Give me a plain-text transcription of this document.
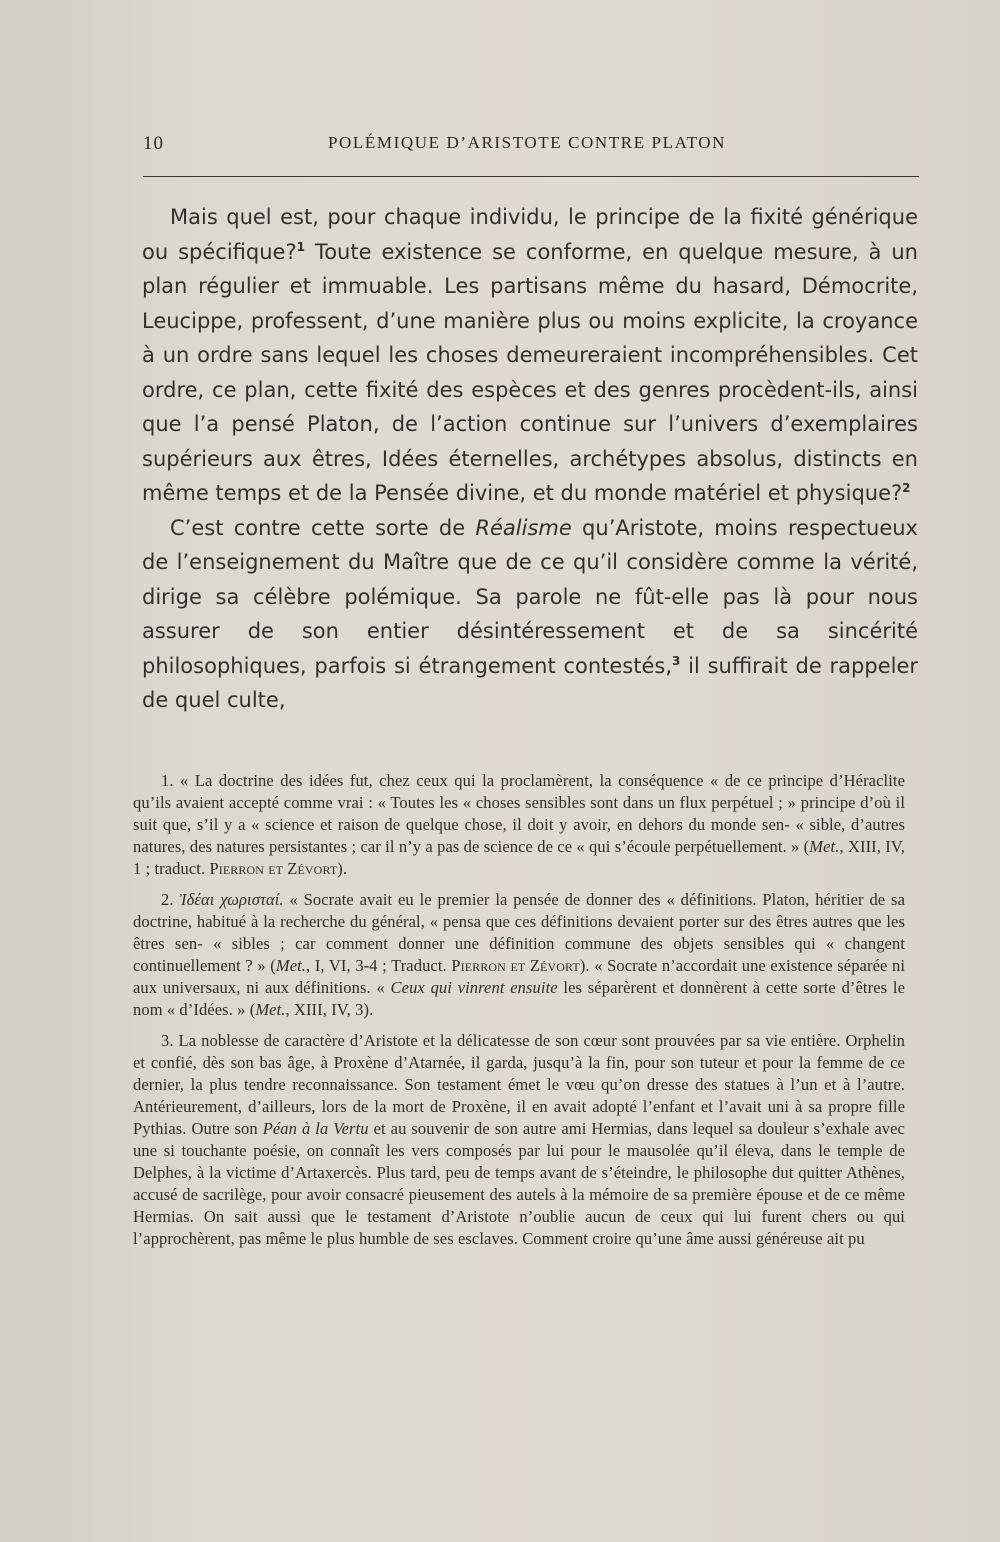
10	POLÉMIQUE D’ARISTOTE CONTRE PLATON

Mais quel est, pour chaque individu, le principe de la fixité générique ou spécifique?$^1$ Toute existence se conforme, en quelque mesure, à un plan régulier et immuable. Les partisans même du hasard, Démocrite, Leucippe, professent, d’une manière plus ou moins explicite, la croyance à un ordre sans lequel les choses demeureraient incompréhensibles. Cet ordre, ce plan, cette fixité des espèces et des genres procèdent-ils, ainsi que l’a pensé Platon, de l’action continue sur l’univers d’exemplaires supérieurs aux êtres, Idées éternelles, archétypes absolus, distincts en même temps et de la Pensée divine, et du monde matériel et physique?$^2$

C’est contre cette sorte de Réalisme qu’Aristote, moins respectueux de l’enseignement du Maître que de ce qu’il considère comme la vérité, dirige sa célèbre polémique. Sa parole ne fût-elle pas là pour nous assurer de son entier désintéressement et de sa sincérité philosophiques, parfois si étrangement contestés,$^3$ il suffirait de rappeler de quel culte,

1. « La doctrine des idées fut, chez ceux qui la proclamèrent, la conséquence « de ce principe d’Héraclite qu’ils avaient accepté comme vrai : « Toutes les « choses sensibles sont dans un flux perpétuel ; » principe d’où il suit que, s’il y a « science et raison de quelque chose, il doit y avoir, en dehors du monde sen- « sible, d’autres natures, des natures persistantes ; car il n’y a pas de science de ce « qui s’écoule perpétuellement. » (Met., XIII, IV, 1 ; traduct. Pierron et Zévort).

2. Ἰδέαι χωρισταί. « Socrate avait eu le premier la pensée de donner des « définitions. Platon, héritier de sa doctrine, habitué à la recherche du général, « pensa que ces définitions devaient porter sur des êtres autres que les êtres sen- « sibles ; car comment donner une définition commune des objets sensibles qui « changent continuellement ? » (Met., I, VI, 3-4 ; Traduct. Pierron et Zévort). « Socrate n’accordait une existence séparée ni aux universaux, ni aux définitions. « Ceux qui vinrent ensuite les séparèrent et donnèrent à cette sorte d’êtres le nom « d’Idées. » (Met., XIII, IV, 3).

3. La noblesse de caractère d’Aristote et la délicatesse de son cœur sont prouvées par sa vie entière. Orphelin et confié, dès son bas âge, à Proxène d’Atarnée, il garda, jusqu’à la fin, pour son tuteur et pour la femme de ce dernier, la plus tendre reconnaissance. Son testament émet le vœu qu’on dresse des statues à l’un et à l’autre. Antérieurement, d’ailleurs, lors de la mort de Proxène, il en avait adopté l’enfant et l’avait uni à sa propre fille Pythias. Outre son Péan à la Vertu et au souvenir de son autre ami Hermias, dans lequel sa douleur s’exhale avec une si touchante poésie, on connaît les vers composés par lui pour le mausolée qu’il éleva, dans le temple de Delphes, à la victime d’Artaxercès. Plus tard, peu de temps avant de s’éteindre, le philosophe dut quitter Athènes, accusé de sacrilège, pour avoir consacré pieusement des autels à la mémoire de sa première épouse et de ce même Hermias. On sait aussi que le testament d’Aristote n’oublie aucun de ceux qui lui furent chers ou qui l’approchèrent, pas même le plus humble de ses esclaves. Comment croire qu’une âme aussi généreuse ait pu
